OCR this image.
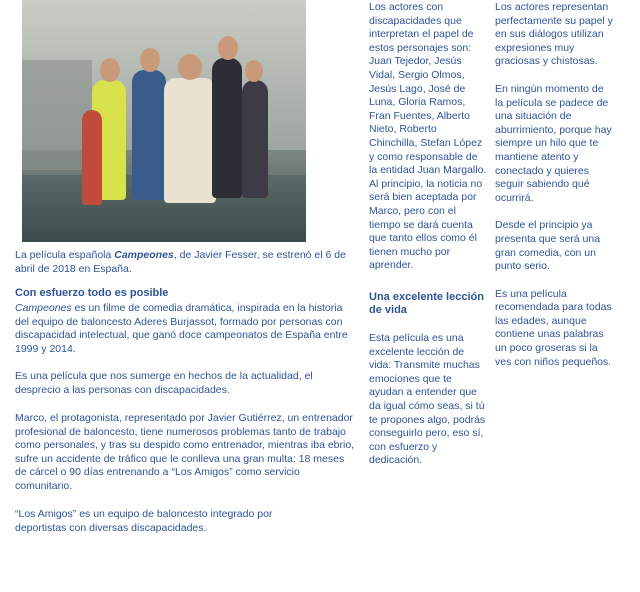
La película española Campeones, de Javier Fesser, se estrenó el 6 de abril de 2018 en España.
Con esfuerzo todo es posible
Campeones es un filme de comedia dramática, inspirada en la historia del equipo de baloncesto Aderes Burjassot, formado por personas con discapacidad intelectual, que ganó doce campeonatos de España entre 1999 y 2014.
Es una película que nos sumerge en hechos de la actualidad, el desprecio a las personas con discapacidades.
Marco, el protagonista, representado por Javier Gutiérrez, un entrenador profesional de baloncesto, tiene numerosos problemas tanto de trabajo como personales, y tras su despido como entrenador, mientras iba ebrio, sufre un accidente de tráfico que le conlleva una gran multa: 18 meses de cárcel o 90 días entrenando a “Los Amigos” como servicio comunitario.
“Los Amigos” es un equipo de baloncesto integrado por deportistas con diversas discapacidades.

Los actores con discapacidades que interpretan el papel de estos personajes son: Juan Tejedor, Jesús Vidal, Sergio Olmos, Jesús Lago, José de Luna, Gloria Ramos, Fran Fuentes, Alberto Nieto, Roberto Chinchilla, Stefan López y como responsable de la entidad Juan Margallo.

Al principio, la noticia no será bien aceptada por Marco, pero con el tiempo se dará cuenta que tanto ellos como él tienen mucho por aprender.

Una excelente lección de vida

Esta película es una excelente lección de vida: Transmite muchas emociones que te ayudan a entender que da igual cómo seas, si tú te propones algo, podrás conseguirlo pero, eso sí, con esfuerzo y dedicación.

Los actores representan perfectamente su papel y en sus diálogos utilizan expresiones muy graciosas y chistosas.

En ningún momento de la película se padece de una situación de aburrimiento, porque hay siempre un hilo que te mantiene atento y conectado y quieres seguir sabiendo qué ocurrirá.

Desde el principio ya presenta que será una gran comedia, con un punto serio.

Es una película recomendada para todas las edades, aunque contiene unas palabras un poco groseras si la ves con niños pequeños.
